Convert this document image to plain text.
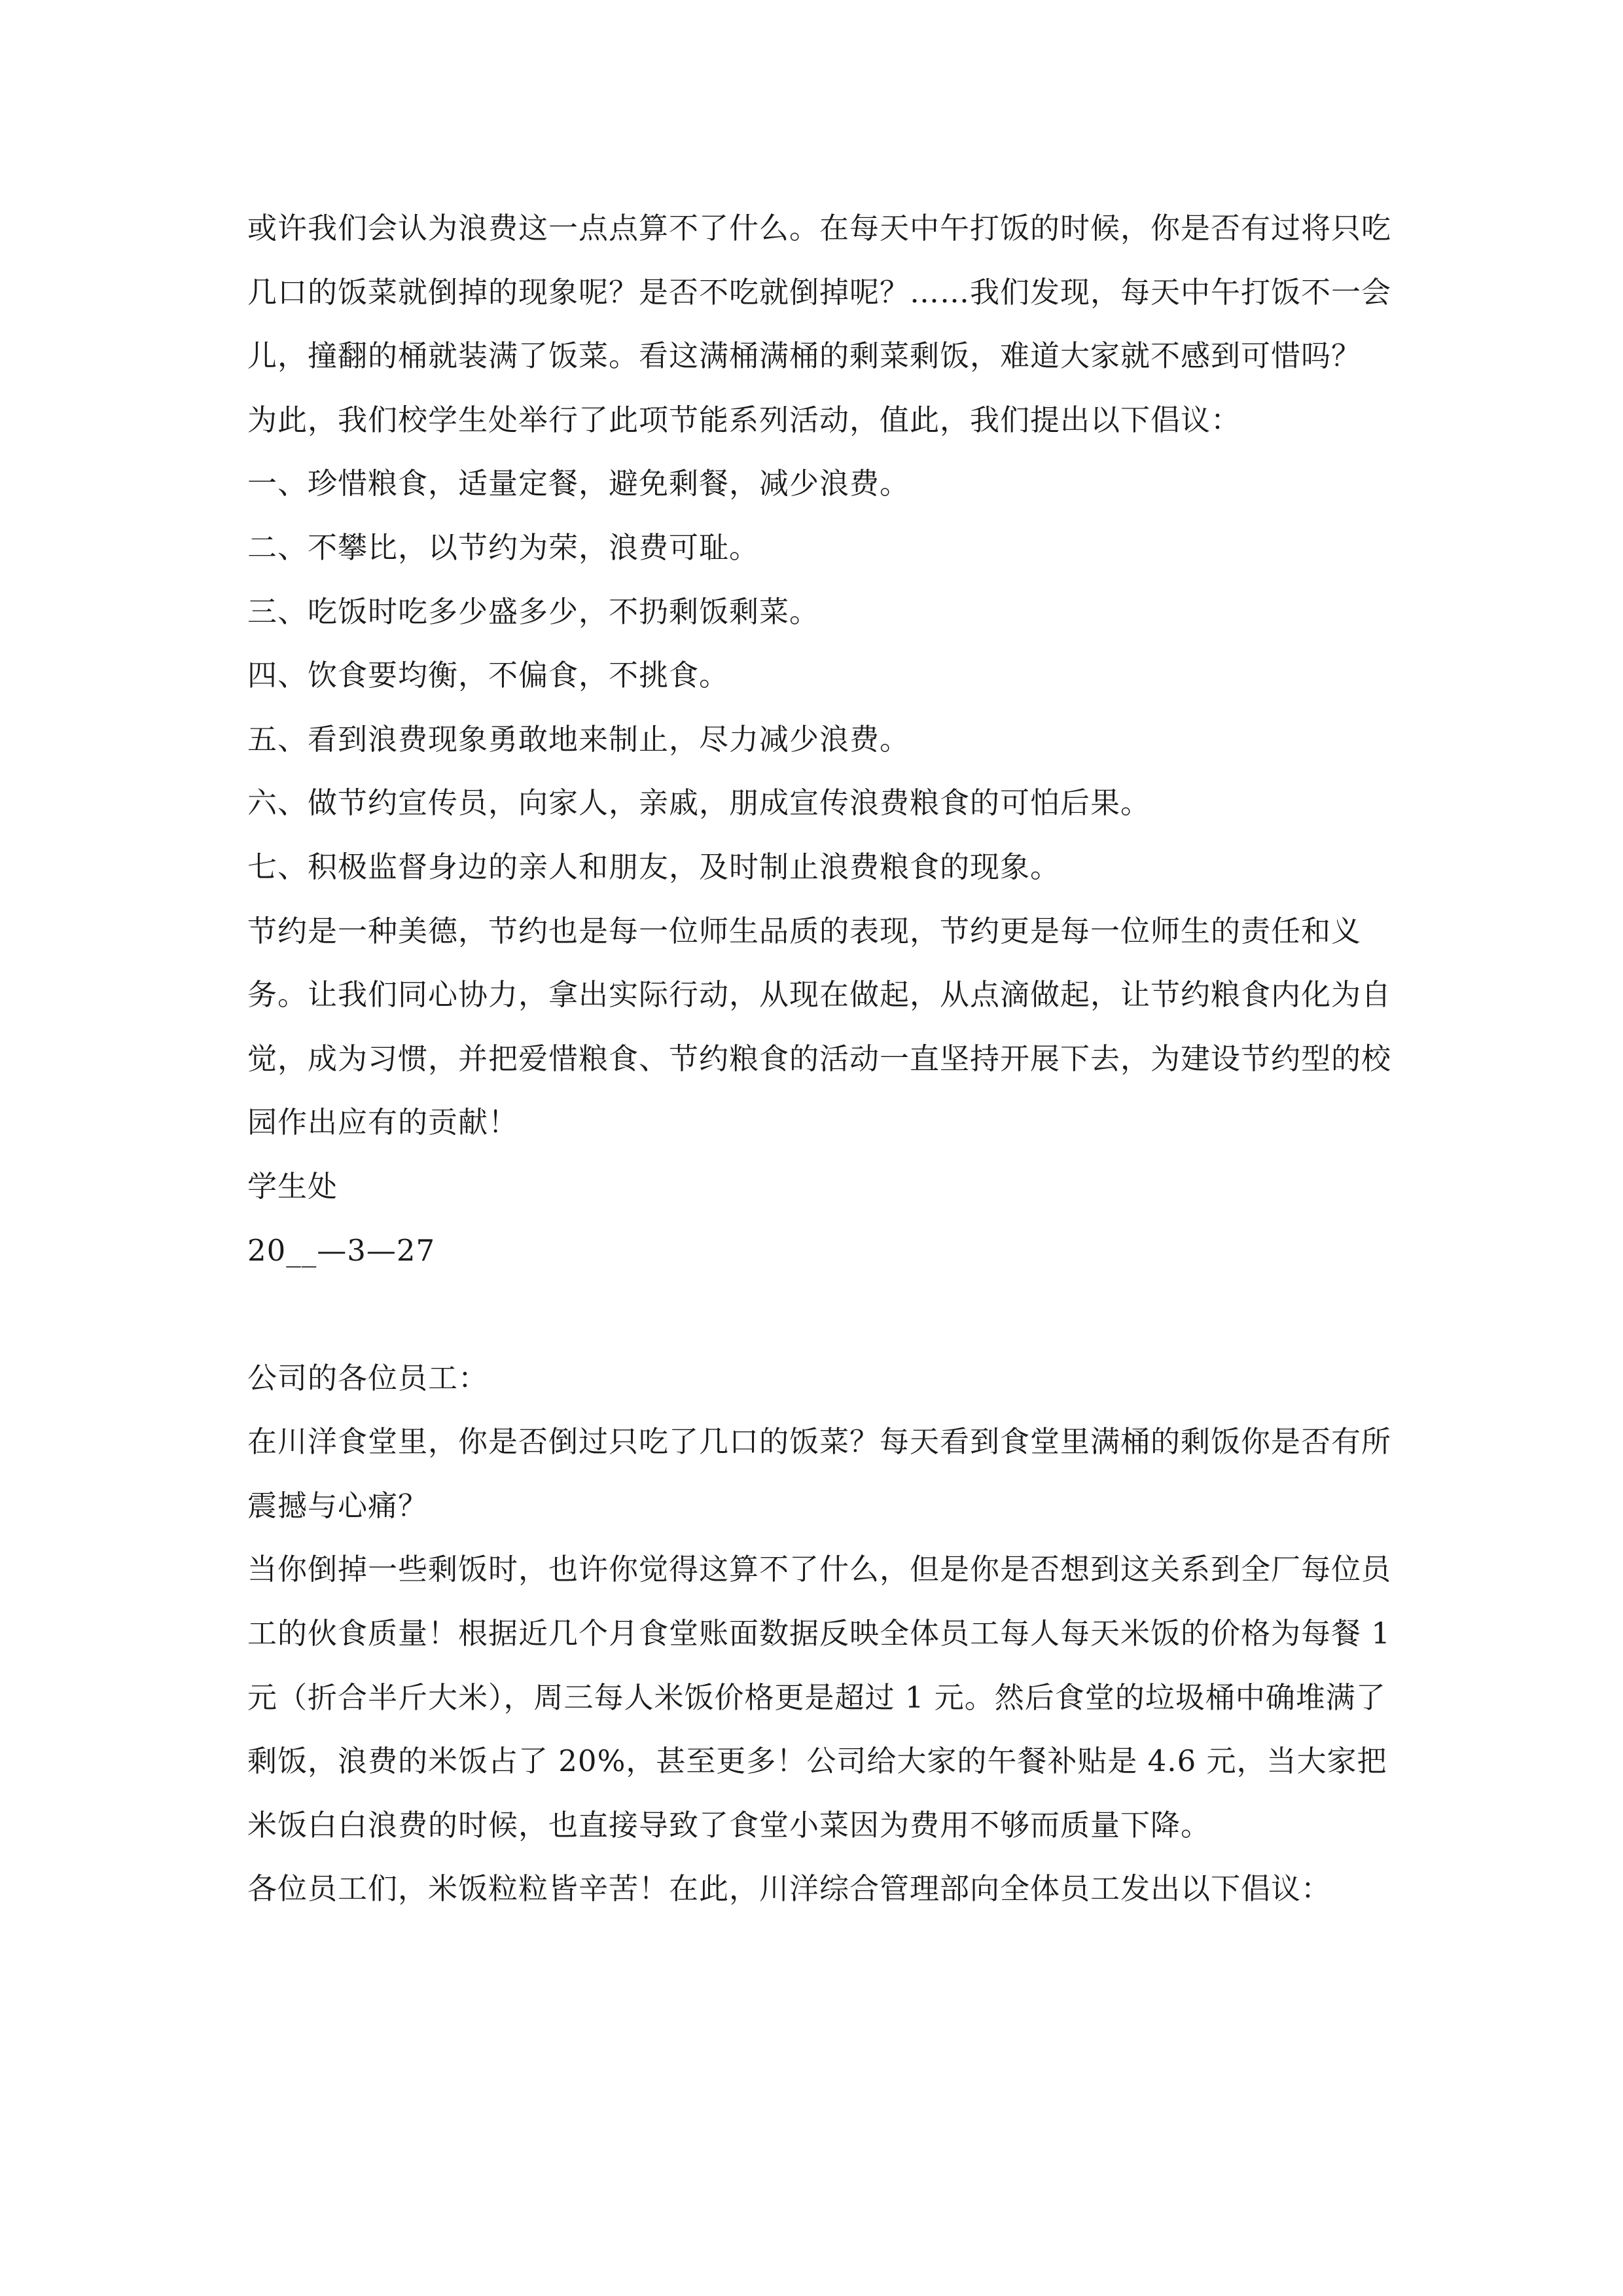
或许我们会认为浪费这一点点算不了什么。在每天中午打饭的时候，你是否有过将只吃几口的饭菜就倒掉的现象呢？是否不吃就倒掉呢？……我们发现，每天中午打饭不一会儿，撞翻的桶就装满了饭菜。看这满桶满桶的剩菜剩饭，难道大家就不感到可惜吗？

为此，我们校学生处举行了此项节能系列活动，值此，我们提出以下倡议：

一、珍惜粮食，适量定餐，避免剩餐，减少浪费。

二、不攀比，以节约为荣，浪费可耻。

三、吃饭时吃多少盛多少，不扔剩饭剩菜。

四、饮食要均衡，不偏食，不挑食。

五、看到浪费现象勇敢地来制止，尽力减少浪费。

六、做节约宣传员，向家人，亲戚，朋成宣传浪费粮食的可怕后果。

七、积极监督身边的亲人和朋友，及时制止浪费粮食的现象。

节约是一种美德，节约也是每一位师生品质的表现，节约更是每一位师生的责任和义务。让我们同心协力，拿出实际行动，从现在做起，从点滴做起，让节约粮食内化为自觉，成为习惯，并把爱惜粮食、节约粮食的活动一直坚持开展下去，为建设节约型的校园作出应有的贡献！

学生处

20__—3—27

公司的各位员工：

在川洋食堂里，你是否倒过只吃了几口的饭菜？每天看到食堂里满桶的剩饭你是否有所震撼与心痛？

当你倒掉一些剩饭时，也许你觉得这算不了什么，但是你是否想到这关系到全厂每位员工的伙食质量！根据近几个月食堂账面数据反映全体员工每人每天米饭的价格为每餐 1 元（折合半斤大米），周三每人米饭价格更是超过 1 元。然后食堂的垃圾桶中确堆满了剩饭，浪费的米饭占了 20%，甚至更多！公司给大家的午餐补贴是 4.6 元，当大家把米饭白白浪费的时候，也直接导致了食堂小菜因为费用不够而质量下降。

各位员工们，米饭粒粒皆辛苦！在此，川洋综合管理部向全体员工发出以下倡议：
